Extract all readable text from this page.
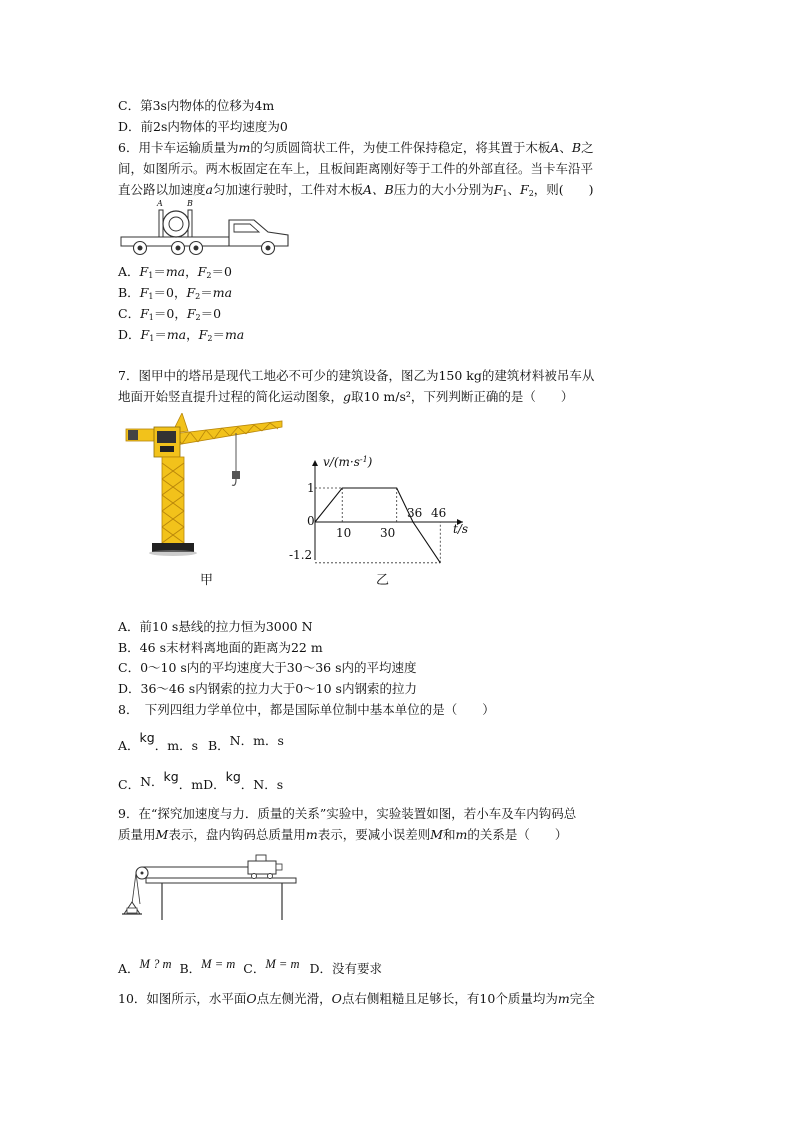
C．第3s内物体的位移为4m
D．前2s内物体的平均速度为0
6．用卡车运输质量为m的匀质圆筒状工件，为使工件保持稳定，将其置于木板A、B之
间，如图所示。两木板固定在车上，且板间距离刚好等于工件的外部直径。当卡车沿平
直公路以加速度a匀加速行驶时，工件对木板A、B压力的大小分别为$F_1$、$F_2$，则(　　)
A	B
A．$F_1=ma$，$F_2=0$
B．$F_1=0$，$F_2=ma$
C．$F_1=0$，$F_2=0$
D．$F_1=ma$，$F_2=ma$
7．图甲中的塔吊是现代工地必不可少的建筑设备，图乙为150 kg的建筑材料被吊车从
地面开始竖直提升过程的简化运动图象，g取10 m/s²，下列判断正确的是（　　）
甲
$v/(m\cdot s^{-1})$
t/s
1
0
-1.2
10 30
36 46
乙
A．前10 s悬线的拉力恒为3000 N
B．46 s末材料离地面的距离为22 m
C．0～10 s内的平均速度大于30～36 s内的平均速度
D．36～46 s内钢索的拉力大于0～10 s内钢索的拉力
8．　下列四组力学单位中，都是国际单位制中基本单位的是（　　）
A．kg．m．s B．N．m．s
C．N．kg．mD．kg．N．s
9．在“探究加速度与力．质量的关系”实验中，实验装置如图，若小车及车内钩码总
质量用M表示，盘内钩码总质量用m表示，要减小误差则M和m的关系是（　　）
A．M ? m B．M = m C．M = m D．没有要求
10．如图所示，水平面O点左侧光滑，O点右侧粗糙且足够长，有10个质量均为m完全
